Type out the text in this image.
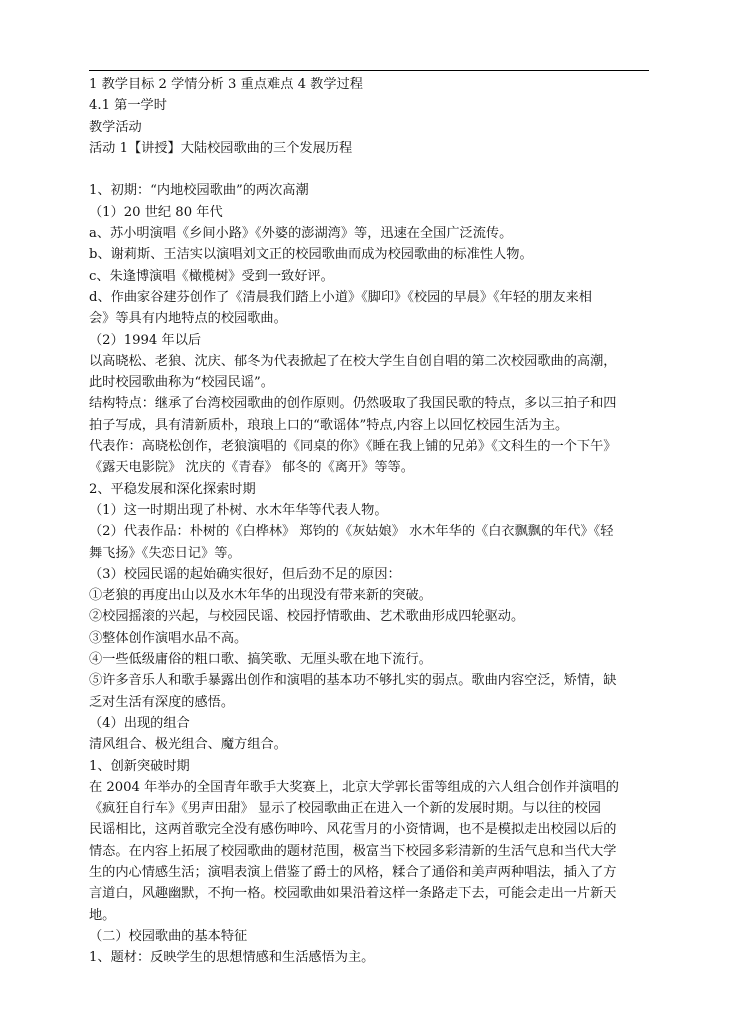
1 教学目标 2 学情分析 3 重点难点 4 教学过程
4.1 第一学时
教学活动
活动 1【讲授】大陆校园歌曲的三个发展历程
1、初期：“内地校园歌曲”的两次高潮
（1）20 世纪 80 年代
a、苏小明演唱《乡间小路》《外婆的澎湖湾》等，迅速在全国广泛流传。
b、谢莉斯、王洁实以演唱刘文正的校园歌曲而成为校园歌曲的标准性人物。
c、朱逢博演唱《橄榄树》受到一致好评。
d、作曲家谷建芬创作了《清晨我们踏上小道》《脚印》《校园的早晨》《年轻的朋友来相
会》等具有内地特点的校园歌曲。
（2）1994 年以后
以高晓松、老狼、沈庆、郁冬为代表掀起了在校大学生自创自唱的第二次校园歌曲的高潮，
此时校园歌曲称为“校园民谣”。
结构特点：继承了台湾校园歌曲的创作原则。仍然吸取了我国民歌的特点，多以三拍子和四
拍子写成，具有清新质朴，琅琅上口的“歌谣体”特点,内容上以回忆校园生活为主。
代表作：高晓松创作，老狼演唱的《同桌的你》《睡在我上铺的兄弟》《文科生的一个下午》
《露天电影院》 沈庆的《青春》 郁冬的《离开》等等。
2、平稳发展和深化探索时期
（1）这一时期出现了朴树、水木年华等代表人物。
（2）代表作品：朴树的《白桦林》 郑钧的《灰姑娘》 水木年华的《白衣飘飘的年代》《轻
舞飞扬》《失恋日记》等。
（3）校园民谣的起始确实很好，但后劲不足的原因：
①老狼的再度出山以及水木年华的出现没有带来新的突破。
②校园摇滚的兴起，与校园民谣、校园抒情歌曲、艺术歌曲形成四轮驱动。
③整体创作演唱水品不高。
④一些低级庸俗的粗口歌、搞笑歌、无厘头歌在地下流行。
⑤许多音乐人和歌手暴露出创作和演唱的基本功不够扎实的弱点。歌曲内容空泛，矫情，缺
乏对生活有深度的感悟。
（4）出现的组合
清风组合、极光组合、魔方组合。
1、创新突破时期
在 2004 年举办的全国青年歌手大奖赛上，北京大学郭长雷等组成的六人组合创作并演唱的
《疯狂自行车》《男声田甜》 显示了校园歌曲正在进入一个新的发展时期。与以往的校园
民谣相比，这两首歌完全没有感伤呻吟、风花雪月的小资情调，也不是模拟走出校园以后的
情态。在内容上拓展了校园歌曲的题材范围，极富当下校园多彩清新的生活气息和当代大学
生的内心情感生活；演唱表演上借鉴了爵士的风格，糅合了通俗和美声两种唱法，插入了方
言道白，风趣幽默，不拘一格。校园歌曲如果沿着这样一条路走下去，可能会走出一片新天
地。
（二）校园歌曲的基本特征
1、题材：反映学生的思想情感和生活感悟为主。
